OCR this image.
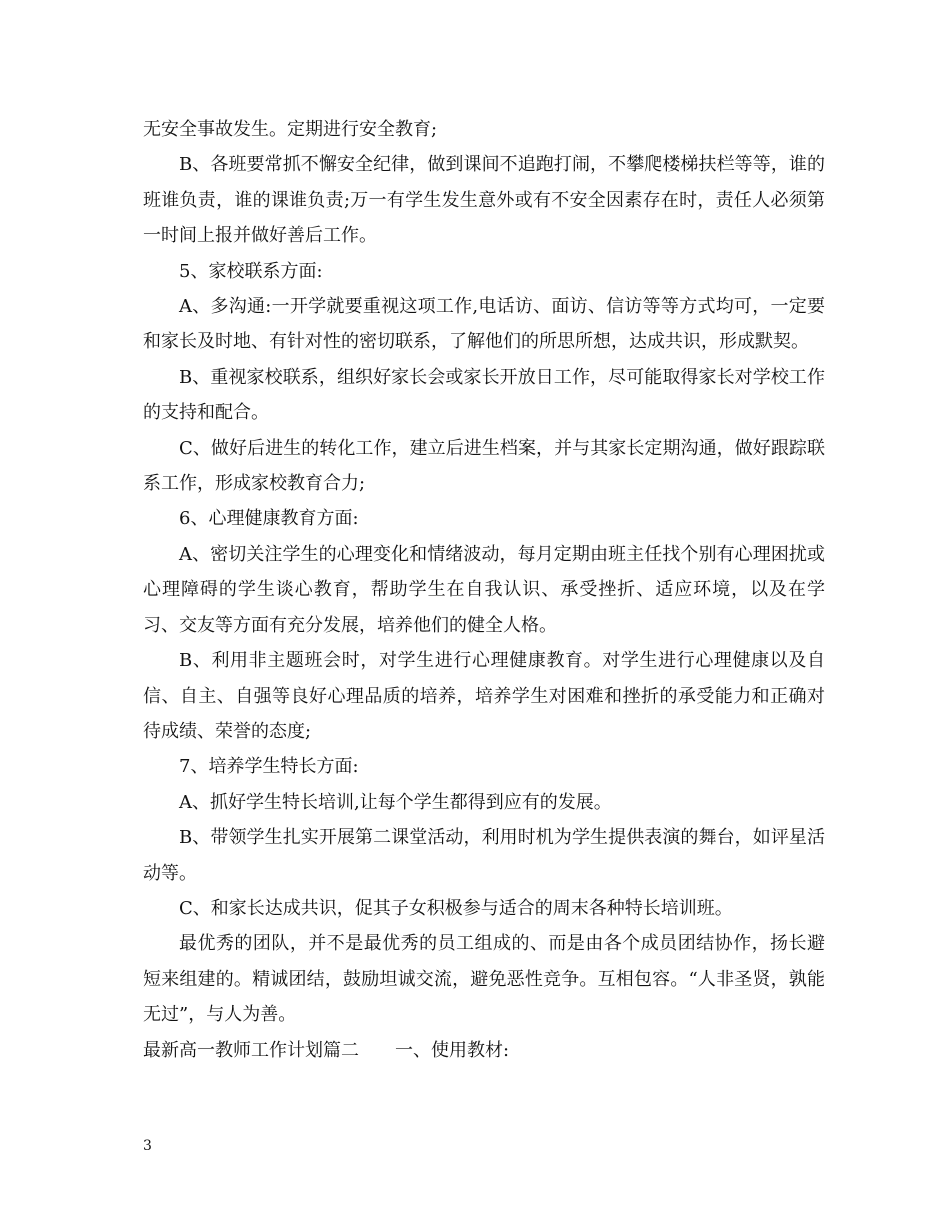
无安全事故发生。定期进行安全教育;

B、各班要常抓不懈安全纪律，做到课间不追跑打闹，不攀爬楼梯扶栏等等，谁的班谁负责，谁的课谁负责;万一有学生发生意外或有不安全因素存在时，责任人必须第一时间上报并做好善后工作。

5、家校联系方面:

A、多沟通:一开学就要重视这项工作,电话访、面访、信访等等方式均可，一定要和家长及时地、有针对性的密切联系，了解他们的所思所想，达成共识，形成默契。

B、重视家校联系，组织好家长会或家长开放日工作，尽可能取得家长对学校工作的支持和配合。

C、做好后进生的转化工作，建立后进生档案，并与其家长定期沟通，做好跟踪联系工作，形成家校教育合力;

6、心理健康教育方面:

A、密切关注学生的心理变化和情绪波动，每月定期由班主任找个别有心理困扰或心理障碍的学生谈心教育，帮助学生在自我认识、承受挫折、适应环境，以及在学习、交友等方面有充分发展，培养他们的健全人格。

B、利用非主题班会时，对学生进行心理健康教育。对学生进行心理健康以及自信、自主、自强等良好心理品质的培养，培养学生对困难和挫折的承受能力和正确对待成绩、荣誉的态度;

7、培养学生特长方面:

A、抓好学生特长培训,让每个学生都得到应有的发展。

B、带领学生扎实开展第二课堂活动，利用时机为学生提供表演的舞台，如评星活动等。

C、和家长达成共识，促其子女积极参与适合的周末各种特长培训班。

最优秀的团队，并不是最优秀的员工组成的、而是由各个成员团结协作，扬长避短来组建的。精诚团结，鼓励坦诚交流，避免恶性竞争。互相包容。“人非圣贤，孰能无过”，与人为善。

最新高一教师工作计划篇二　　一、使用教材:

3
